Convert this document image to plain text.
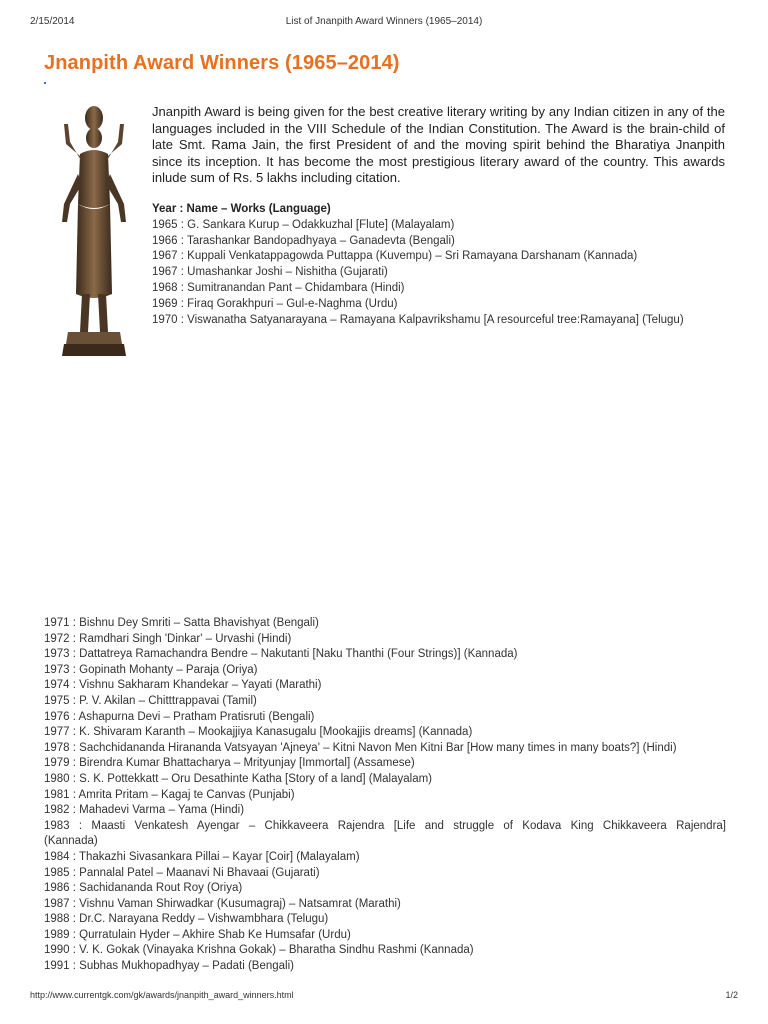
2/15/2014	List of Jnanpith Award Winners (1965–2014)
Jnanpith Award Winners (1965–2014)

Jnanpith Award is being given for the best creative literary writing by any Indian citizen in any of the languages included in the VIII Schedule of the Indian Constitution. The Award is the brain-child of late Smt. Rama Jain, the first President of and the moving spirit behind the Bharatiya Jnanpith since its inception. It has become the most prestigious literary award of the country. This awards inlude sum of Rs. 5 lakhs including citation.

Year : Name – Works (Language)
1965 : G. Sankara Kurup – Odakkuzhal [Flute] (Malayalam)
1966 : Tarashankar Bandopadhyaya – Ganadevta (Bengali)
1967 : Kuppali Venkatappagowda Puttappa (Kuvempu) – Sri Ramayana Darshanam (Kannada)
1967 : Umashankar Joshi – Nishitha (Gujarati)
1968 : Sumitranandan Pant – Chidambara (Hindi)
1969 : Firaq Gorakhpuri – Gul-e-Naghma (Urdu)
1970 : Viswanatha Satyanarayana – Ramayana Kalpavrikshamu [A resourceful tree:Ramayana] (Telugu)
1971 : Bishnu Dey Smriti – Satta Bhavishyat (Bengali)
1972 : Ramdhari Singh 'Dinkar' – Urvashi (Hindi)
1973 : Dattatreya Ramachandra Bendre – Nakutanti [Naku Thanthi (Four Strings)] (Kannada)
1973 : Gopinath Mohanty – Paraja (Oriya)
1974 : Vishnu Sakharam Khandekar – Yayati (Marathi)
1975 : P. V. Akilan – Chitttrappavai (Tamil)
1976 : Ashapurna Devi – Pratham Pratisruti (Bengali)
1977 : K. Shivaram Karanth – Mookajjiya Kanasugalu [Mookajjis dreams] (Kannada)
1978 : Sachchidananda Hiranandа Vatsyayan 'Ajneya' – Kitni Navon Men Kitni Bar [How many times in many boats?] (Hindi)
1979 : Birendra Kumar Bhattacharya – Mrityunjay [Immortal] (Assamese)
1980 : S. K. Pottekkatt – Oru Desathinte Katha [Story of a land] (Malayalam)
1981 : Amrita Pritam – Kagaj te Canvas (Punjabi)
1982 : Mahadevi Varma – Yama (Hindi)
1983 : Maasti Venkatesh Ayengar – Chikkaveera Rajendra [Life and struggle of Kodava King Chikkaveera Rajendra]
(Kannada)
1984 : Thakazhi Sivasankara Pillai – Kayar [Coir] (Malayalam)
1985 : Pannalal Patel – Maanavi Ni Bhavaai (Gujarati)
1986 : Sachidananda Rout Roy (Oriya)
1987 : Vishnu Vaman Shirwadkar (Kusumagraj) – Natsamrat (Marathi)
1988 : Dr.C. Narayana Reddy – Vishwambhara (Telugu)
1989 : Qurratulain Hyder – Akhire Shab Ke Humsafar (Urdu)
1990 : V. K. Gokak (Vinayaka Krishna Gokak) – Bharatha Sindhu Rashmi (Kannada)
1991 : Subhas Mukhopadhyay – Padati (Bengali)
http://www.currentgk.com/gk/awards/jnanpith_award_winners.html	1/2
